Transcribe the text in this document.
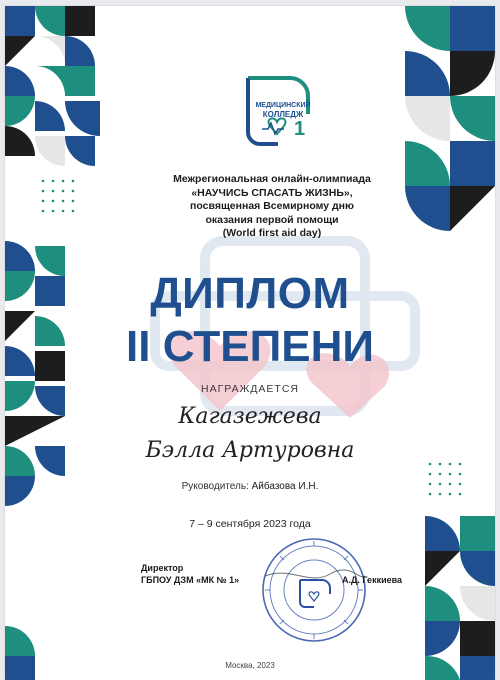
МЕДИЦИНСКИЙ
КОЛЛЕДЖ
1
Межрегиональная онлайн-олимпиада
«НАУЧИСЬ СПАСАТЬ ЖИЗНЬ»,
посвященная Всемирному дню
оказания первой помощи
(World first aid day)
ДИПЛОМ
II СТЕПЕНИ
НАГРАЖДАЕТСЯ
Кагазежева
Бэлла Артуровна
Руководитель: Айбазова И.Н.
7 – 9 сентября 2023 года
Директор
ГБПОУ ДЗМ «МК № 1»	А.Д. Геккиева
Москва, 2023
